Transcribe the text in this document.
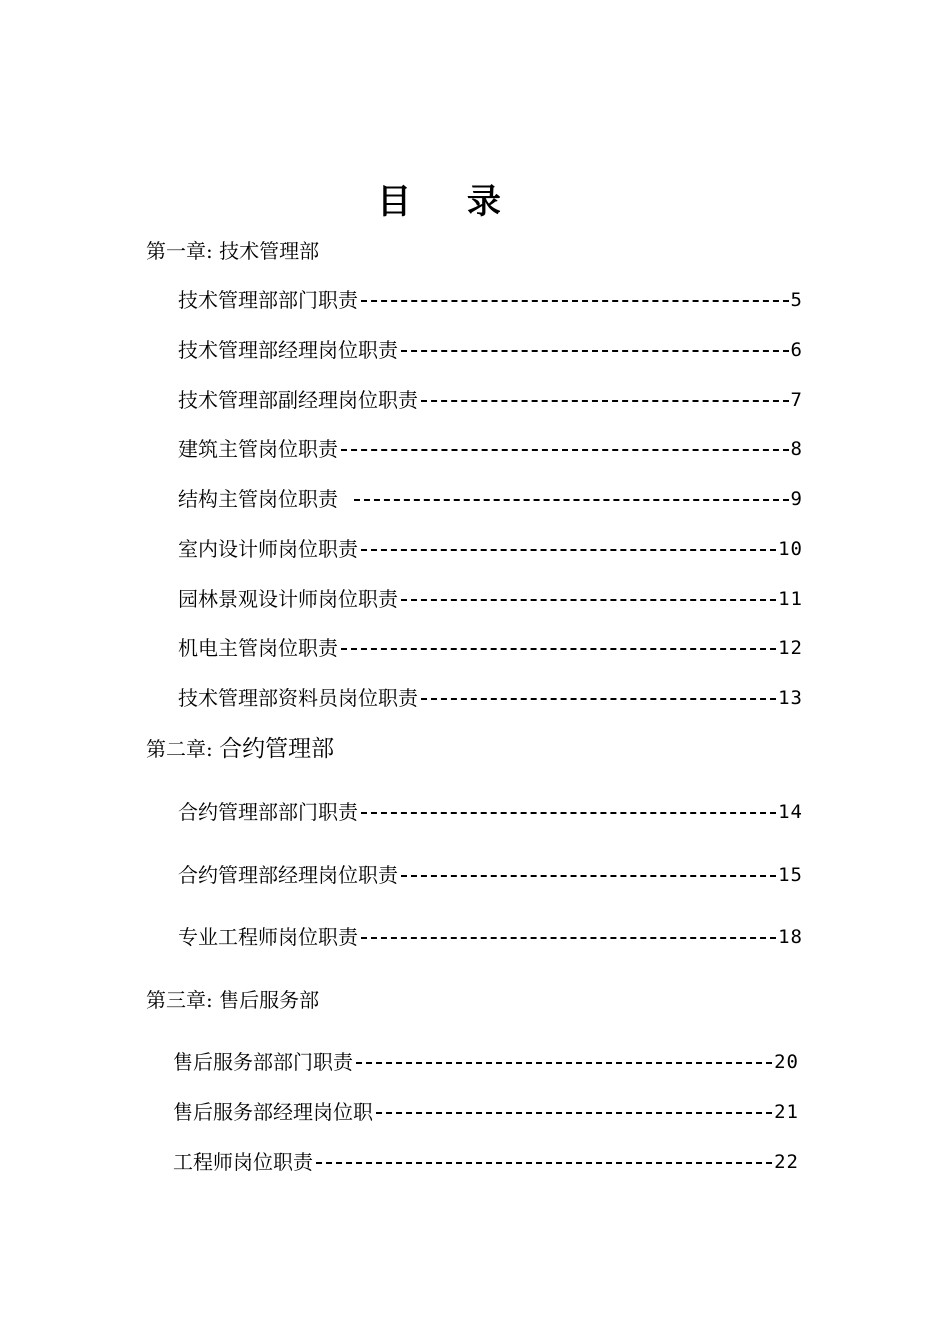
目 录
第一章: 技术管理部
技术管理部部门职责	5
技术管理部经理岗位职责	6
技术管理部副经理岗位职责	7
建筑主管岗位职责	8
结构主管岗位职责	9
室内设计师岗位职责	10
园林景观设计师岗位职责	11
机电主管岗位职责	12
技术管理部资料员岗位职责	13
第二章: 合约管理部
合约管理部部门职责	14
合约管理部经理岗位职责	15
专业工程师岗位职责	18
第三章: 售后服务部
售后服务部部门职责	20
售后服务部经理岗位职	21
工程师岗位职责	22
